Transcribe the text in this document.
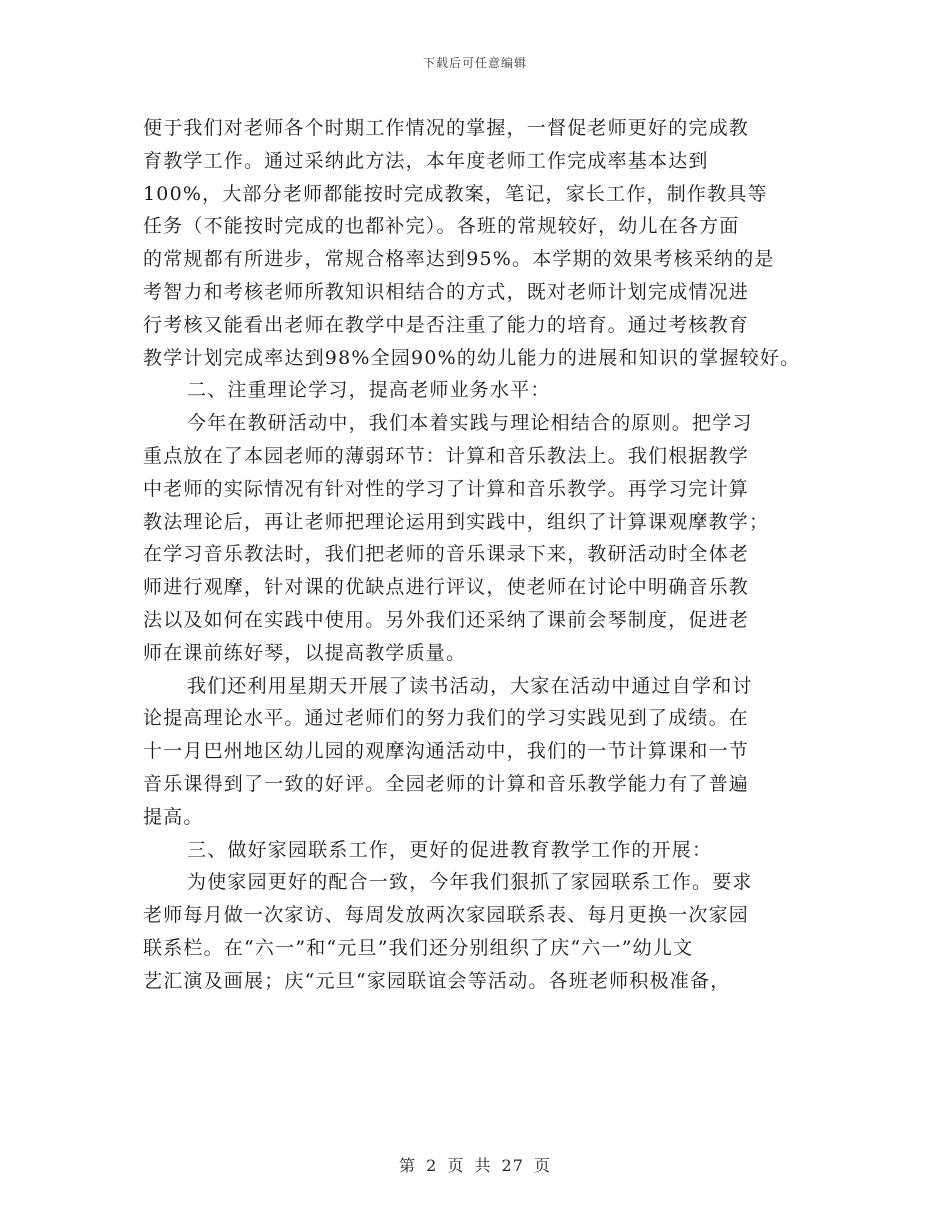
下载后可任意编辑
便于我们对老师各个时期工作情况的掌握，一督促老师更好的完成教
育教学工作。通过采纳此方法，本年度老师工作完成率基本达到
100%，大部分老师都能按时完成教案，笔记，家长工作，制作教具等
任务（不能按时完成的也都补完）。各班的常规较好，幼儿在各方面
的常规都有所进步，常规合格率达到95%。本学期的效果考核采纳的是
考智力和考核老师所教知识相结合的方式，既对老师计划完成情况进
行考核又能看出老师在教学中是否注重了能力的培育。通过考核教育
教学计划完成率达到98%全园90%的幼儿能力的进展和知识的掌握较好。
二、注重理论学习，提高老师业务水平：
今年在教研活动中，我们本着实践与理论相结合的原则。把学习
重点放在了本园老师的薄弱环节：计算和音乐教法上。我们根据教学
中老师的实际情况有针对性的学习了计算和音乐教学。再学习完计算
教法理论后，再让老师把理论运用到实践中，组织了计算课观摩教学；
在学习音乐教法时，我们把老师的音乐课录下来，教研活动时全体老
师进行观摩，针对课的优缺点进行评议，使老师在讨论中明确音乐教
法以及如何在实践中使用。另外我们还采纳了课前会琴制度，促进老
师在课前练好琴，以提高教学质量。
我们还利用星期天开展了读书活动，大家在活动中通过自学和讨
论提高理论水平。通过老师们的努力我们的学习实践见到了成绩。在
十一月巴州地区幼儿园的观摩沟通活动中，我们的一节计算课和一节
音乐课得到了一致的好评。全园老师的计算和音乐教学能力有了普遍
提高。
三、做好家园联系工作，更好的促进教育教学工作的开展：
为使家园更好的配合一致，今年我们狠抓了家园联系工作。要求
老师每月做一次家访、每周发放两次家园联系表、每月更换一次家园
联系栏。在“六一”和“元旦”我们还分别组织了庆“六一”幼儿文
艺汇演及画展；庆“元旦“家园联谊会等活动。各班老师积极准备，
第 2 页 共 27 页
